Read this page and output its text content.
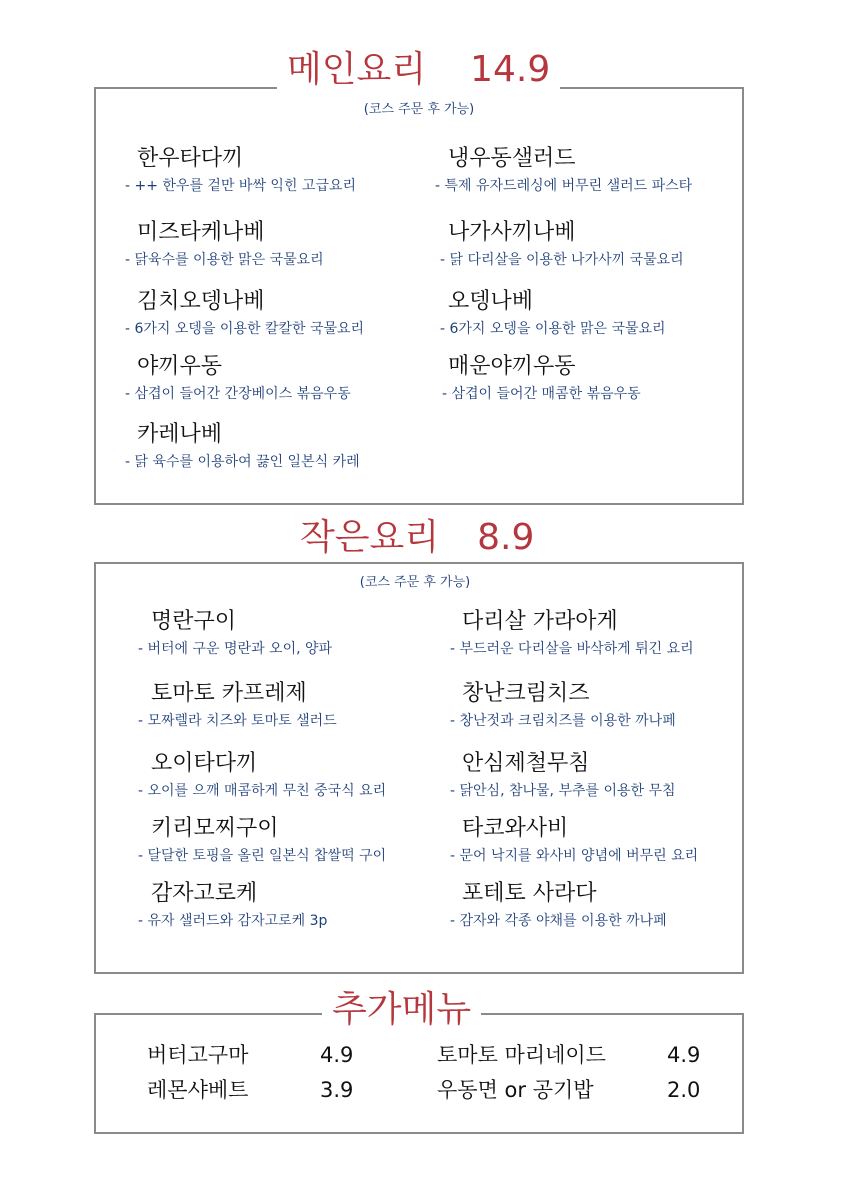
메인요리 14.9
(코스 주문 후 가능)
한우타다끼
- ++ 한우를 겉만 바싹 익힌 고급요리
냉우동샐러드
- 특제 유자드레싱에 버무린 샐러드 파스타
미즈타케나베
- 닭육수를 이용한 맑은 국물요리
나가사끼나베
- 닭 다리살을 이용한 나가사끼 국물요리
김치오뎅나베
- 6가지 오뎅을 이용한 칼칼한 국물요리
오뎅나베
- 6가지 오뎅을 이용한 맑은 국물요리
야끼우동
- 삼겹이 들어간 간장베이스 볶음우동
매운야끼우동
- 삼겹이 들어간 매콤한 볶음우동
카레나베
- 닭 육수를 이용하여 끓인 일본식 카레
작은요리 8.9
(코스 주문 후 가능)
명란구이
- 버터에 구운 명란과 오이, 양파
다리살 가라아게
- 부드러운 다리살을 바삭하게 튀긴 요리
토마토 카프레제
- 모짜렐라 치즈와 토마토 샐러드
창난크림치즈
- 창난젓과 크림치즈를 이용한 까나페
오이타다끼
- 오이를 으깨 매콤하게 무친 중국식 요리
안심제철무침
- 닭안심, 참나물, 부추를 이용한 무침
키리모찌구이
- 달달한 토핑을 올린 일본식 찹쌀떡 구이
타코와사비
- 문어 낙지를 와사비 양념에 버무린 요리
감자고로케
- 유자 샐러드와 감자고로케 3p
포테토 사라다
- 감자와 각종 야채를 이용한 까나페
추가메뉴
버터고구마	4.9	토마토 마리네이드	4.9
레몬샤베트	3.9	우동면 or 공기밥	2.0
